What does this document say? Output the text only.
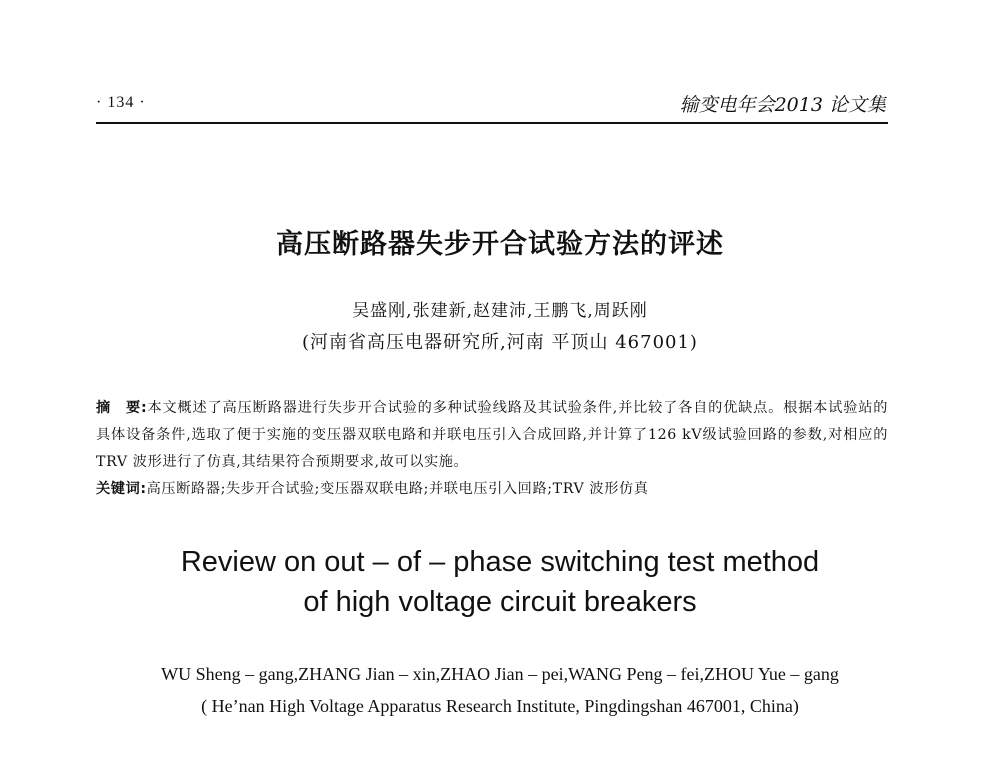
· 134 ·	输变电年会2013 论文集
高压断路器失步开合试验方法的评述
吴盛刚,张建新,赵建沛,王鹏飞,周跃刚
(河南省高压电器研究所,河南 平顶山 467001)
摘　要:本文概述了高压断路器进行失步开合试验的多种试验线路及其试验条件,并比较了各自的优缺点。根据本试验站的具体设备条件,选取了便于实施的变压器双联电路和并联电压引入合成回路,并计算了126 kV级试验回路的参数,对相应的 TRV 波形进行了仿真,其结果符合预期要求,故可以实施。
关键词:高压断路器;失步开合试验;变压器双联电路;并联电压引入回路;TRV 波形仿真
Review on out – of – phase switching test method
of high voltage circuit breakers
WU Sheng – gang,ZHANG Jian – xin,ZHAO Jian – pei,WANG Peng – fei,ZHOU Yue – gang
( He’nan High Voltage Apparatus Research Institute, Pingdingshan 467001, China)
